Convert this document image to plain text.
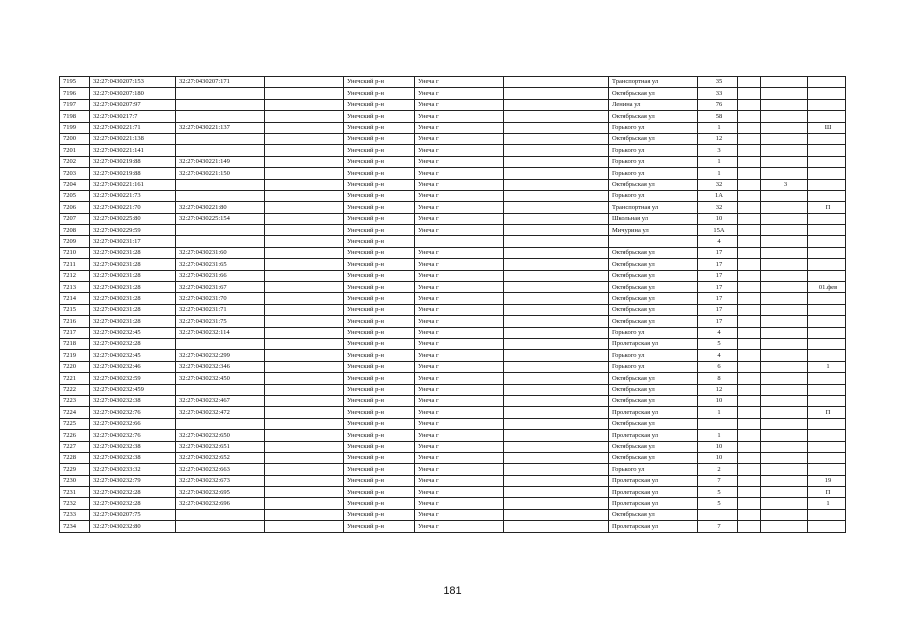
7195	32:27:0430207:153	32:27:0430207:171		Унечский р-н	Унеча г		Транспортная ул	35			
7196	32:27:0430207:180			Унечский р-н	Унеча г		Октябрьская ул	33			
7197	32:27:0430207:97			Унечский р-н	Унеча г		Ленина ул	76			
7198	32:27:0430217:7			Унечский р-н	Унеча г		Октябрьская ул	58			
7199	32:27:0430221:71	32:27:0430221:137		Унечский р-н	Унеча г		Горького ул	1			Ш
7200	32:27:0430221:138			Унечский р-н	Унеча г		Октябрьская ул	12			
7201	32:27:0430221:141			Унечский р-н	Унеча г		Горького ул	3			
7202	32:27:0430219:88	32:27:0430221:149		Унечский р-н	Унеча г		Горького ул	1			
7203	32:27:0430219:88	32:27:0430221:150		Унечский р-н	Унеча г		Горького ул	1			
7204	32:27:0430221:161			Унечский р-н	Унеча г		Октябрьская ул	32		3	
7205	32:27:0430221:73			Унечский р-н	Унеча г		Горького ул	1А			
7206	32:27:0430221:70	32:27:0430221:80		Унечский р-н	Унеча г		Транспортная ул	32			П
7207	32:27:0430225:80	32:27:0430225:154		Унечский р-н	Унеча г		Школьная ул	10			
7208	32:27:0430229:59			Унечский р-н	Унеча г		Мичурина ул	15А			
7209	32:27:0430231:17			Унечский р-н				4			
7210	32:27:0430231:28	32:27:0430231:60		Унечский р-н	Унеча г		Октябрьская ул	17			
7211	32:27:0430231:28	32:27:0430231:65		Унечский р-н	Унеча г		Октябрьская ул	17			
7212	32:27:0430231:28	32:27:0430231:66		Унечский р-н	Унеча г		Октябрьская ул	17			
7213	32:27:0430231:28	32:27:0430231:67		Унечский р-н	Унеча г		Октябрьская ул	17			01.фев
7214	32:27:0430231:28	32:27:0430231:70		Унечский р-н	Унеча г		Октябрьская ул	17			
7215	32:27:0430231:28	32:27:0430231:71		Унечский р-н	Унеча г		Октябрьская ул	17			
7216	32:27:0430231:28	32:27:0430231:75		Унечский р-н	Унеча г		Октябрьская ул	17			
7217	32:27:0430232:45	32:27:0430232:114		Унечский р-н	Унеча г		Горького ул	4			
7218	32:27:0430232:28			Унечский р-н	Унеча г		Пролетарская ул	5			
7219	32:27:0430232:45	32:27:0430232:299		Унечский р-н	Унеча г		Горького ул	4			
7220	32:27:0430232:46	32:27:0430232:346		Унечский р-н	Унеча г		Горького ул	6			1
7221	32:27:0430232:59	32:27:0430232:450		Унечский р-н	Унеча г		Октябрьская ул	8			
7222	32:27:0430232:459			Унечский р-н	Унеча г		Октябрьская ул	12			
7223	32:27:0430232:38	32:27:0430232:467		Унечский р-н	Унеча г		Октябрьская ул	10			
7224	32:27:0430232:76	32:27:0430232:472		Унечский р-н	Унеча г		Пролетарская ул	1			П
7225	32:27:0430232:66			Унечский р-н	Унеча г		Октябрьская ул				
7226	32:27:0430232:76	32:27:0430232:650		Унечский р-н	Унеча г		Пролетарская ул	1			
7227	32:27:0430232:38	32:27:0430232:651		Унечский р-н	Унеча г		Октябрьская ул	10			
7228	32:27:0430232:38	32:27:0430232:652		Унечский р-н	Унеча г		Октябрьская ул	10			
7229	32:27:0430233:32	32:27:0430232:663		Унечский р-н	Унеча г		Горького ул	2			
7230	32:27:0430232:79	32:27:0430232:673		Унечский р-н	Унеча г		Пролетарская ул	7			19
7231	32:27:0430232:28	32:27:0430232:695		Унечский р-н	Унеча г		Пролетарская ул	5			П
7232	32:27:0430232:28	32:27:0430232:696		Унечский р-н	Унеча г		Пролетарская ул	5			1
7233	32:27:0430207:75			Унечский р-н	Унеча г		Октябрьская ул				
7234	32:27:0430232:80			Унечский р-н	Унеча г		Пролетарская ул	7			
181
